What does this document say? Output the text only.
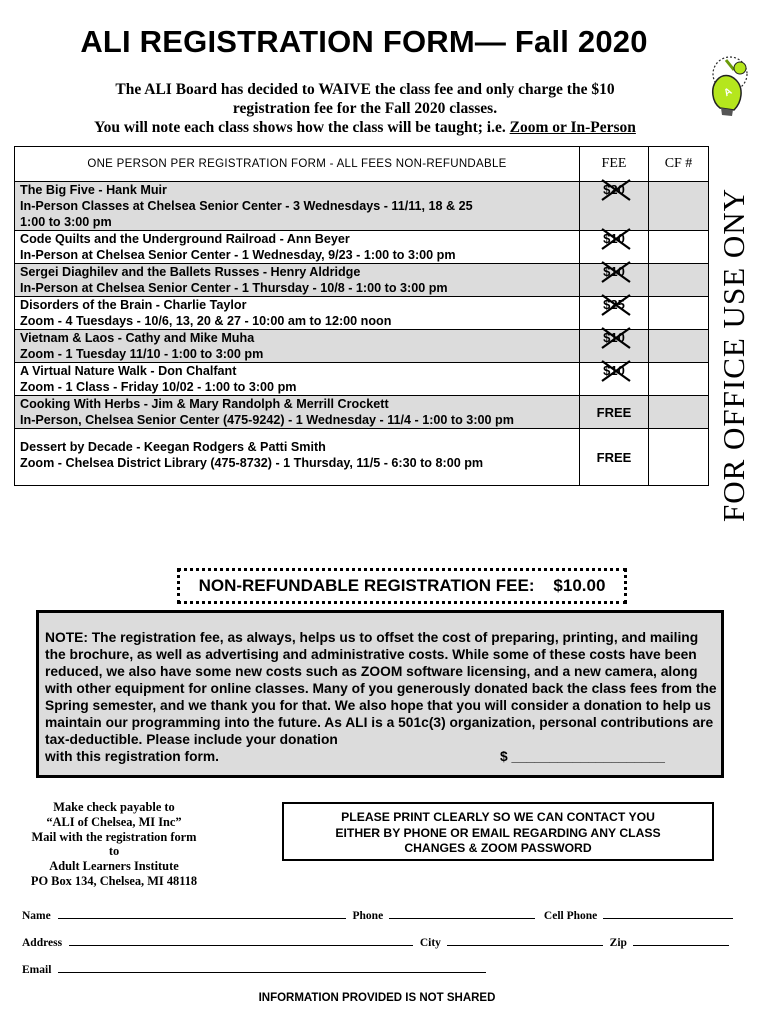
ALI REGISTRATION FORM— Fall 2020
A
The ALI Board has decided to WAIVE the class fee and only charge the $10
registration fee for the Fall 2020 classes.
You will note each class shows how the class will be taught; i.e. Zoom or In-Person
ONE PERSON PER REGISTRATION FORM - ALL FEES NON-REFUNDABLE	FEE	CF #

The Big Five - Hank Muir
In-Person Classes at Chelsea Senior Center - 3 Wednesdays - 11/11, 18 & 25
1:00 to 3:00 pm	$20

Code Quilts and the Underground Railroad - Ann Beyer
In-Person at Chelsea Senior Center - 1 Wednesday, 9/23 - 1:00 to 3:00 pm	$10

Sergei Diaghilev and the Ballets Russes - Henry Aldridge
In-Person at Chelsea Senior Center - 1 Thursday - 10/8 - 1:00 to 3:00 pm	$10

Disorders of the Brain - Charlie Taylor
Zoom - 4 Tuesdays - 10/6, 13, 20 & 27 - 10:00 am to 12:00 noon	$25

Vietnam & Laos - Cathy and Mike Muha
Zoom - 1 Tuesday 11/10 - 1:00 to 3:00 pm	$10

A Virtual Nature Walk - Don Chalfant
Zoom - 1 Class - Friday 10/02 - 1:00 to 3:00 pm	$10

Cooking With Herbs - Jim & Mary Randolph & Merrill Crockett
In-Person, Chelsea Senior Center (475-9242) - 1 Wednesday - 11/4 - 1:00 to 3:00 pm	FREE	

Dessert by Decade - Keegan Rodgers & Patti Smith
Zoom - Chelsea District Library (475-8732) - 1 Thursday, 11/5 - 6:30 to 8:00 pm	FREE		FOR OFFICE USE ONY
NON-REFUNDABLE REGISTRATION FEE: $10.00
NOTE: The registration fee, as always, helps us to offset the cost of preparing, printing, and mailing the brochure, as well as advertising and administrative costs. While some of these costs have been reduced, we also have some new costs such as ZOOM software licensing, and a new camera, along with other equipment for online classes. Many of you generously donated back the class fees from the Spring semester, and we thank you for that. We also hope that you will consider a donation to help us maintain our programming into the future. As ALI is a 501c(3) organization, personal contributions are tax-deductible. Please include your donation
with this registration form.	$ ____________________
Make check payable to
“ALI of Chelsea, MI Inc”
Mail with the registration form
to
Adult Learners Institute
PO Box 134, Chelsea, MI 48118
PLEASE PRINT CLEARLY SO WE CAN CONTACT YOU
EITHER BY PHONE OR EMAIL REGARDING ANY CLASS
CHANGES & ZOOM PASSWORD
Name	Phone	Cell Phone
Address	City	Zip
Email
INFORMATION PROVIDED IS NOT SHARED
